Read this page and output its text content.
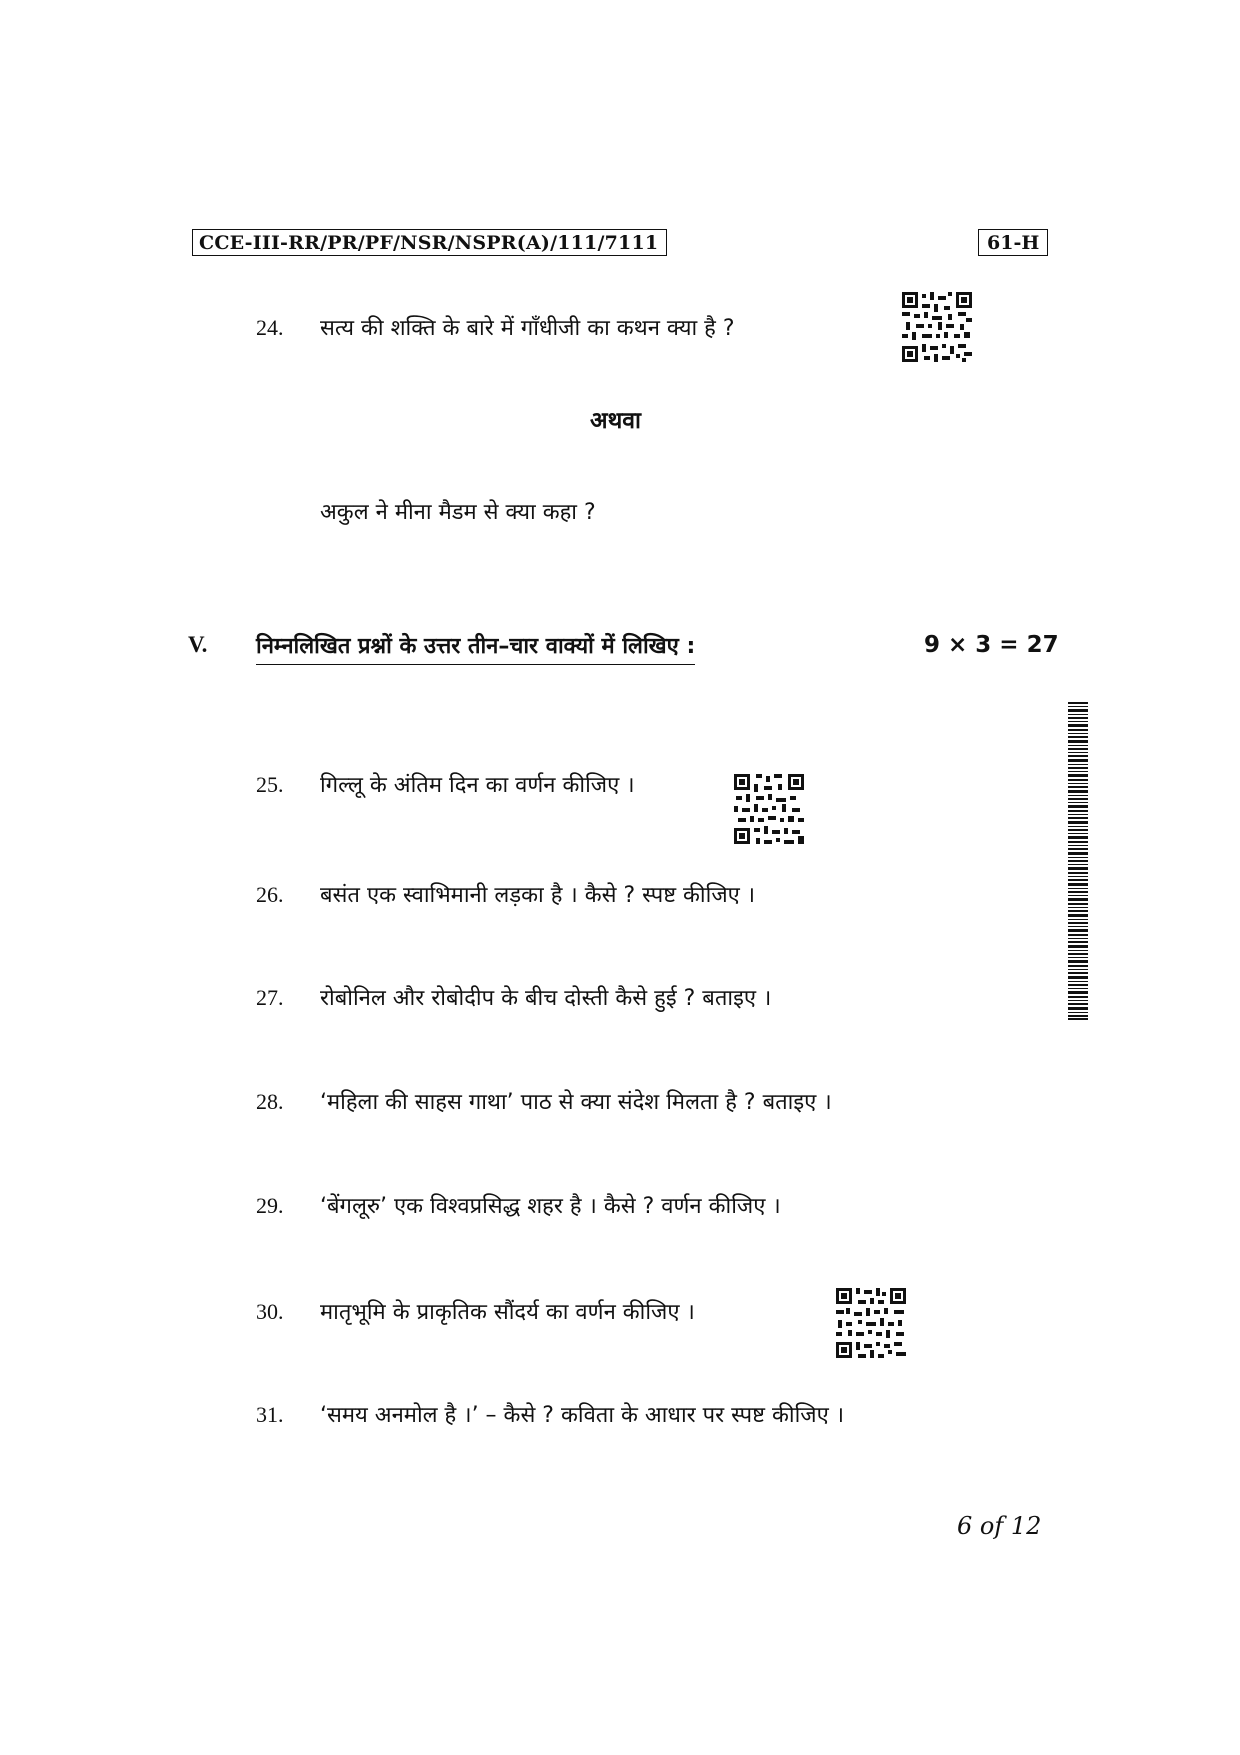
CCE-III-RR/PR/PF/NSR/NSPR(A)/111/7111	61-H
24.	सत्य की शक्ति के बारे में गाँधीजी का कथन क्या है ?
अथवा
अकुल ने मीना मैडम से क्या कहा ?
V. निम्नलिखित प्रश्नों के उत्तर तीन–चार वाक्यों में लिखिए :	9 × 3 = 27
25.	गिल्लू के अंतिम दिन का वर्णन कीजिए ।
26.	बसंत एक स्वाभिमानी लड़का है । कैसे ? स्पष्ट कीजिए ।
27.	रोबोनिल और रोबोदीप के बीच दोस्ती कैसे हुई ? बताइए ।
28.	‘महिला की साहस गाथा’ पाठ से क्या संदेश मिलता है ? बताइए ।
29.	‘बेंगलूरु’ एक विश्वप्रसिद्ध शहर है । कैसे ? वर्णन कीजिए ।
30.	मातृभूमि के प्राकृतिक सौंदर्य का वर्णन कीजिए ।
31.	‘समय अनमोल है ।’ – कैसे ? कविता के आधार पर स्पष्ट कीजिए ।
6 of 12
